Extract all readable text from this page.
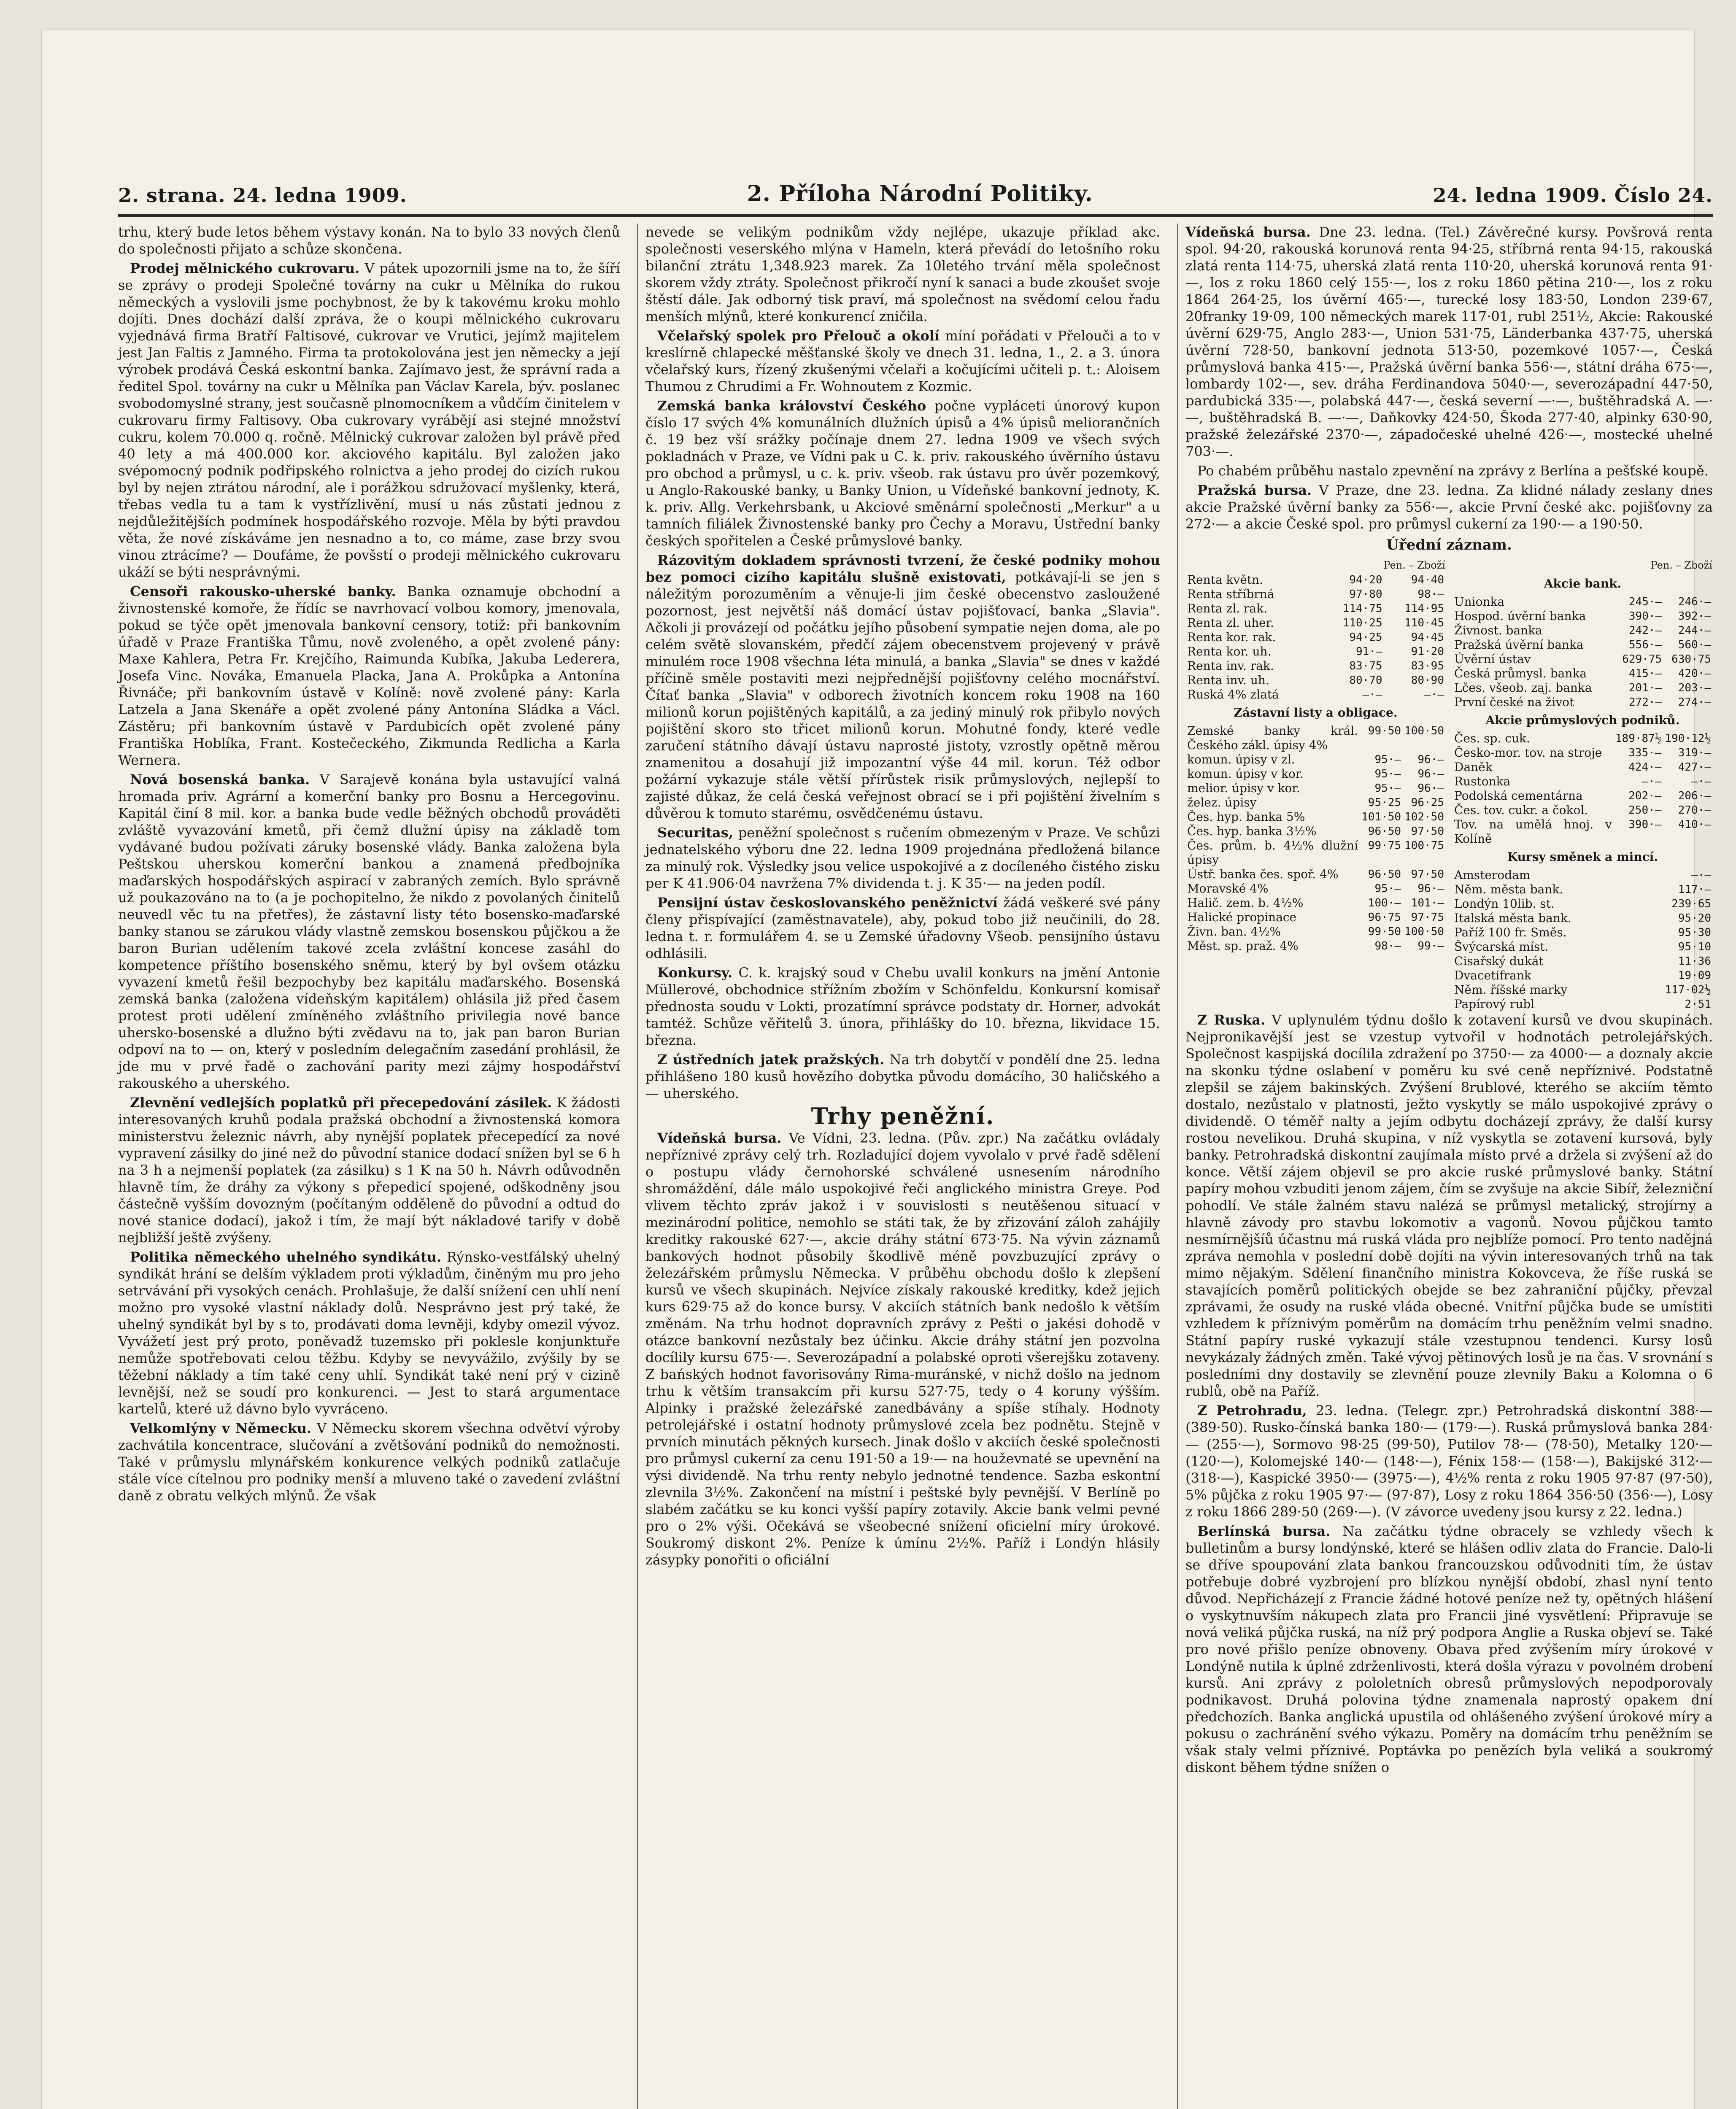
2. strana. 24. ledna 1909.	2. Příloha Národní Politiky.	24. ledna 1909. Číslo 24.

trhu, který bude letos během výstavy konán. Na to bylo 33 nových členů do společnosti přijato a schůze skončena.

Prodej mělnického cukrovaru. V pátek upozornili jsme na to, že šíří se zprávy o prodeji Společné továrny na cukr u Mělníka do rukou německých a vyslovili jsme pochybnost, že by k takovému kroku mohlo dojíti. Dnes dochází další zpráva, že o koupi mělnického cukrovaru vyjednává firma Bratří Faltisové, cukrovar ve Vrutici, jejímž majitelem jest Jan Faltis z Jamného. Firma ta protokolována jest jen německy a její výrobek prodává Česká eskontní banka. Zajímavo jest, že správní rada a ředitel Spol. továrny na cukr u Mělníka pan Václav Karela, býv. poslanec svobodomyslné strany, jest současně plnomocníkem a vůdčím činitelem v cukrovaru firmy Faltisovy. Oba cukrovary vyrábějí asi stejné množství cukru, kolem 70.000 q. ročně. Mělnický cukrovar založen byl právě před 40 lety a má 400.000 kor. akciového kapitálu. Byl založen jako svépomocný podnik podřipského rolnictva a jeho prodej do cizích rukou byl by nejen ztrátou národní, ale i porážkou sdružovací myšlenky, která, třebas vedla tu a tam k vystřízlivění, musí u nás zůstati jednou z nejdůležitějších podmínek hospodářského rozvoje. Měla by býti pravdou věta, že nové získáváme jen nesnadno a to, co máme, zase brzy svou vinou ztrácíme? — Doufáme, že povšstí o prodeji mělnického cukrovaru ukáží se býti nesprávnými.

Censoři rakousko-uherské banky. Banka oznamuje obchodní a živnostenské komoře, že řídíc se navrhovací volbou komory, jmenovala, pokud se týče opět jmenovala bankovní censory, totiž: při bankovním úřadě v Praze Františka Tůmu, nově zvoleného, a opět zvolené pány: Maxe Kahlera, Petra Fr. Krejčího, Raimunda Kubíka, Jakuba Lederera, Josefa Vinc. Nováka, Emanuela Placka, Jana A. Prokůpka a Antonína Řivnáče; při bankovním ústavě v Kolíně: nově zvolené pány: Karla Latzela a Jana Skenáře a opět zvolené pány Antonína Sládka a Václ. Zástěru; při bankovním ústavě v Pardubicích opět zvolené pány Františka Hoblíka, Frant. Kostečeckého, Zikmunda Redlicha a Karla Wernera.

Nová bosenská banka. V Sarajevě konána byla ustavující valná hromada priv. Agrární a komerční banky pro Bosnu a Hercegovinu. Kapitál činí 8 mil. kor. a banka bude vedle běžných obchodů prováděti zvláště vyvazování kmetů, při čemž dlužní úpisy na základě tom vydávané budou požívati záruky bosenské vlády. Banka založena byla Peštskou uherskou komerční bankou a znamená předbojníka maďarských hospodářských aspirací v zabraných zemích. Bylo správně už poukazováno na to (a je pochopitelno, že nikdo z povolaných činitelů neuvedl věc tu na přetřes), že zástavní listy této bosensko-maďarské banky stanou se zárukou vlády vlastně zemskou bosenskou půjčkou a že baron Burian udělením takové zcela zvláštní koncese zasáhl do kompetence příštího bosenského sněmu, který by byl ovšem otázku vyvazení kmetů řešil bezpochyby bez kapitálu maďarského. Bosenská zemská banka (založena vídeňským kapitálem) ohlásila již před časem protest proti udělení zmíněného zvláštního privilegia nové bance uhersko-bosenské a dlužno býti zvědavu na to, jak pan baron Burian odpoví na to — on, který v posledním delegačním zasedání prohlásil, že jde mu v prvé řadě o zachování parity mezi zájmy hospodářství rakouského a uherského.

Zlevnění vedlejších poplatků při přecepedování zásilek. K žádosti interesovaných kruhů podala pražská obchodní a živnostenská komora ministerstvu železnic návrh, aby nynější poplatek přecepedící za nové vypravení zásilky do jiné než do původní stanice dodací snížen byl se 6 h na 3 h a nejmenší poplatek (za zásilku) s 1 K na 50 h. Návrh odůvodněn hlavně tím, že dráhy za výkony s přepedicí spojené, odškodněny jsou částečně vyšším dovozným (počítaným odděleně do původní a odtud do nové stanice dodací), jakož i tím, že mají být nákladové tarify v době nejbližší ještě zvýšeny.

Politika německého uhelného syndikátu. Rýnsko-vestfálský uhelný syndikát hrání se delším výkladem proti výkladům, činěným mu pro jeho setrvávání při vysokých cenách. Prohlašuje, že další snížení cen uhlí není možno pro vysoké vlastní náklady dolů. Nesprávno jest prý také, že uhelný syndikát byl by s to, prodávati doma levněji, kdyby omezil vývoz. Vyvážetí jest prý proto, poněvadž tuzemsko při poklesle konjunktuře nemůže spotřebovati celou těžbu. Kdyby se nevyvážilo, zvýšily by se těžební náklady a tím také ceny uhlí. Syndikát také není prý v cizině levnější, než se soudí pro konkurenci. — Jest to stará argumentace kartelů, které už dávno bylo vyvráceno.

Velkomlýny v Německu. V Německu skorem všechna odvětví výroby zachvátila koncentrace, slučování a zvětšování podniků do nemožnosti. Také v průmyslu mlynářském konkurence velkých podniků zatlačuje stále více cítelnou pro podniky menší a mluveno také o zavedení zvláštní daně z obratu velkých mlýnů. Že však

nevede se velikým podnikům vždy nejlépe, ukazuje příklad akc. společnosti veserského mlýna v Hameln, která převádí do letošního roku bilanční ztrátu 1,348.923 marek. Za 10letého trvání měla společnost skorem vždy ztráty. Společnost přikročí nyní k sanaci a bude zkoušet svoje štěstí dále. Jak odborný tisk praví, má společnost na svědomí celou řadu menších mlýnů, které konkurencí zničila.

Včelařský spolek pro Přelouč a okolí míní pořádati v Přelouči a to v kreslírně chlapecké měšťanské školy ve dnech 31. ledna, 1., 2. a 3. února včelařský kurs, řízený zkušenými včelaři a kočujícími učiteli p. t.: Aloisem Thumou z Chrudimi a Fr. Wohnoutem z Kozmic.

Zemská banka království Českého počne vypláceti únorový kupon číslo 17 svých 4% komunálních dlužních úpisů a 4% úpisů meliorančních č. 19 bez vší srážky počínaje dnem 27. ledna 1909 ve všech svých pokladnách v Praze, ve Vídni pak u C. k. priv. rakouského úvěrního ústavu pro obchod a průmysl, u c. k. priv. všeob. rak ústavu pro úvěr pozemkový, u Anglo-Rakouské banky, u Banky Union, u Vídeňské bankovní jednoty, K. k. priv. Allg. Verkehrsbank, u Akciové směnární společnosti „Merkur" a u tamních filiálek Živnostenské banky pro Čechy a Moravu, Ústřední banky českých spořitelen a České průmyslové banky.

Rázovitým dokladem správnosti tvrzení, že české podniky mohou bez pomoci cizího kapitálu slušně existovati, potkávají-li se jen s náležitým porozuměním a věnuje-li jim české obecenstvo zasloužené pozornost, jest největší náš domácí ústav pojišťovací, banka „Slavia". Ačkoli ji provázejí od počátku jejího působení sympatie nejen doma, ale po celém světě slovanském, předčí zájem obecenstvem projevený v právě minulém roce 1908 všechna léta minulá, a banka „Slavia" se dnes v každé příčině směle postaviti mezi nejpřednější pojišťovny celého mocnářství. Čítať banka „Slavia" v odborech životních koncem roku 1908 na 160 milionů korun pojištěných kapitálů, a za jediný minulý rok přibylo nových pojištění skoro sto třicet milionů korun. Mohutné fondy, které vedle zaručení státního dávají ústavu naprosté jistoty, vzrostly opětně měrou znamenitou a dosahují již impozantní výše 44 mil. korun. Též odbor požární vykazuje stále větší přírůstek risik průmyslových, nejlepší to zajisté důkaz, že celá česká veřejnost obrací se i při pojištění živelním s důvěrou k tomuto starému, osvědčenému ústavu.

Securitas, peněžní společnost s ručením obmezeným v Praze. Ve schůzi jednatelského výboru dne 22. ledna 1909 projednána předložená bilance za minulý rok. Výsledky jsou velice uspokojivé a z docíleného čistého zisku per K 41.906·04 navržena 7% dividenda t. j. K 35·— na jeden podíl.

Pensijní ústav českoslovanského peněžnictví žádá veškeré své pány členy přispívající (zaměstnavatele), aby, pokud tobo již neučinili, do 28. ledna t. r. formulářem 4. se u Zemské úřadovny Všeob. pensijního ústavu odhlásili.

Konkursy. C. k. krajský soud v Chebu uvalil konkurs na jmění Antonie Müllerové, obchodnice střížním zbožím v Schönfeldu. Konkursní komisař přednosta soudu v Lokti, prozatímní správce podstaty dr. Horner, advokát tamtéž. Schůze věřitelů 3. února, přihlášky do 10. března, likvidace 15. března.

Z ústředních jatek pražských. Na trh dobytčí v pondělí dne 25. ledna přihlášeno 180 kusů hovězího dobytka původu domácího, 30 haličského a — uherského.

Trhy peněžní.

Vídeňská bursa. Ve Vídni, 23. ledna. (Pův. zpr.) Na začátku ovládaly nepříznivé zprávy celý trh. Rozladující dojem vyvolalo v prvé řadě sdělení o postupu vlády černohorské schválené usnesením národního shromáždění, dále málo uspokojivé řeči anglického ministra Greye. Pod vlivem těchto zpráv jakož i v souvislosti s neutěšenou situací v mezinárodní politice, nemohlo se státi tak, že by zřizování záloh zahájily kreditky rakouské 627·—, akcie dráhy státní 673·75. Na vývin záznamů bankových hodnot působily škodlivě méně povzbuzující zprávy o železářském průmyslu Německa. V průběhu obchodu došlo k zlepšení kursů ve všech skupinách. Nejvíce získaly rakouské kreditky, kdež jejich kurs 629·75 až do konce bursy. V akciích státních bank nedošlo k větším změnám. Na trhu hodnot dopravních zprávy z Pešti o jakési dohodě v otázce bankovní nezůstaly bez účinku. Akcie dráhy státní jen pozvolna docílily kursu 675·—. Severozápadní a polabské oproti všerejšku zotaveny. Z bańských hodnot favorisovány Rima-muránské, v nichž došlo na jednom trhu k větším transakcím při kursu 527·75, tedy o 4 koruny výšším. Alpinky i pražské železářské zanedbávány a spíše stíhaly. Hodnoty petrolejářské i ostatní hodnoty průmyslové zcela bez podnětu. Stejně v prvních minutách pěkných kursech. Jinak došlo v akciích české společnosti pro průmysl cukerní za cenu 191·50 a 19·— na houževnaté se upevnění na výsi dividendě. Na trhu renty nebylo jednotné tendence. Sazba eskontní zlevnila 3½%. Zakončení na místní i peštské byly pevnější. V Berlíně po slabém začátku se ku konci vyšší papíry zotavily. Akcie bank velmi pevné pro o 2% výši. Očekává se všeobecné snížení oficielní míry úrokové. Soukromý diskont 2%. Peníze k úmínu 2½%. Paříž i Londýn hlásily zásypky ponořiti o oficiální

Vídeňská bursa. Dne 23. ledna. (Tel.) Závěrečné kursy. Povšrová renta spol. 94·20, rakouská korunová renta 94·25, stříbrná renta 94·15, rakouská zlatá renta 114·75, uherská zlatá renta 110·20, uherská korunová renta 91·—, los z roku 1860 celý 155·—, los z roku 1860 pětina 210·—, los z roku 1864 264·25, los úvěrní 465·—, turecké losy 183·50, London 239·67, 20franky 19·09, 100 německých marek 117·01, rubl 251½, Akcie: Rakouské úvěrní 629·75, Anglo 283·—, Union 531·75, Länderbanka 437·75, uherská úvěrní 728·50, bankovní jednota 513·50, pozemkové 1057·—, Česká průmyslová banka 415·—, Pražská úvěrní banka 556·—, státní dráha 675·—, lombardy 102·—, sev. dráha Ferdinandova 5040·—, severozápadní 447·50, pardubická 335·—, polabská 447·—, česká severní —·—, buštěhradská A. —·—, buštěhradská B. —·—, Daňkovky 424·50, Škoda 277·40, alpinky 630·90, pražské železářské 2370·—, západočeské uhelné 426·—, mostecké uhelné 703·—.

Po chabém průběhu nastalo zpevnění na zprávy z Berlína a pešťské koupě.

Pražská bursa. V Praze, dne 23. ledna. Za klidné nálady zeslany dnes akcie Pražské úvěrní banky za 556·—, akcie První české akc. pojišťovny za 272·— a akcie České spol. pro průmysl cukerní za 190·— a 190·50.

Úřední záznam.
	Pen. – Zboží	
Renta květn.	94·20	94·40
Renta stříbrná	97·80	98·—
Renta zl. rak.	114·75	114·95
Renta zl. uher.	110·25	110·45
Renta kor. rak.	94·25	94·45
Renta kor. uh.	91·—	91·20
Renta inv. rak.	83·75	83·95
Renta inv. uh.	80·70	80·90
Ruská 4% zlatá	—·—	—·—
Zástavní listy a obligace.
Zemské banky král. Českého zákl. úpisy 4%	99·50	100·50
komun. úpisy v zl.	95·—	96·—
komun. úpisy v kor.	95·—	96·—
melior. úpisy v kor.	95·—	96·—
želez. úpisy	95·25	96·25
Čes. hyp. banka 5%	101·50	102·50
Čes. hyp. banka 3½%	96·50	97·50
Čes. prům. b. 4½% dlužní úpisy	99·75	100·75
Ústř. banka čes. spoř. 4%	96·50	97·50
Moravské 4%	95·—	96·—
Halič. zem. b. 4½%	100·—	101·—
Halické propinace	96·75	97·75
Živn. ban. 4½%	99·50	100·50
Měst. sp. praž. 4%	98·—	99·—
	Pen. – Zboží
Akcie bank.
Unionka	245·—	246·—
Hospod. úvěrní banka	390·—	392·—
Živnost. banka	242·—	244·—
Pražská úvěrní banka	556·—	560·—
Úvěrní ústav	629·75	630·75
Česká průmysl. banka	415·—	420·—
Lčes. všeob. zaj. banka	201·—	203·—
První české na život	272·—	274·—
Akcie průmyslových podniků.
Čes. sp. cuk.	189·87½	190·12½
Česko-mor. tov. na stroje	335·—	319·—
Daněk	424·—	427·—
Rustonka	—·—	—·—
Podolská cementárna	202·—	206·—
Čes. tov. cukr. a čokol.	250·—	270·—
Tov. na umělá hnoj. v Kolíně	390·—	410·—
Kursy směnek a mincí.
Amsterodam		—·—
Něm. města bank.		117·—
Londýn 10lib. st.		239·65
Italská města bank.		95·20
Paříž 100 fr. Směs.		95·30
Švýcarská míst.		95·10
Cisařský dukát		11·36
Dvacetifrank		19·09
Něm. říšské marky		117·02½
Papírový rubl		2·51

Z Ruska. V uplynulém týdnu došlo k zotavení kursů ve dvou skupinách. Nejpronikavější jest se vzestup vytvořil v hodnotách petrolejářských. Společnost kaspijská docílila zdražení po 3750·— za 4000·— a doznaly akcie na skonku týdne oslabení v poměru ku své ceně nepříznivé. Podstatně zlepšil se zájem bakinských. Zvýšení 8rublové, kterého se akciím těmto dostalo, nezůstalo v platnosti, ježto vyskytly se málo uspokojivé zprávy o dividendě. O téměř nalty a jejím odbytu docházejí zprávy, že další kursy rostou nevelikou. Druhá skupina, v níž vyskytla se zotavení kursová, byly banky. Petrohradská diskontní zaujímala místo prvé a držela si zvýšení až do konce. Větší zájem objevil se pro akcie ruské průmyslové banky. Státní papíry mohou vzbuditi jenom zájem, čím se zvyšuje na akcie Sibíř, železniční pohodlí. Ve stále žalném stavu nalézá se průmysl metalický, strojírny a hlavně závody pro stavbu lokomotiv a vagonů. Novou půjčkou tamto nesmírnějšíů účastnu má ruská vláda pro nejblíže pomocí. Pro tento nadějná zpráva nemohla v poslední době dojíti na vývin interesovaných trhů na tak mimo nějakým. Sdělení finančního ministra Kokovceva, že říše ruská se stavajících poměrů politických obejde se bez zahraniční půjčky, převzal zprávami, že osudy na ruské vláda obecné. Vnitřní půjčka bude se umístiti vzhledem k příznivým poměrům na domácím trhu peněžním velmi snadno. Státní papíry ruské vykazují stále vzestupnou tendenci. Kursy losů nevykázaly žádných změn. Také vývoj pětinových losů je na čas. V srovnání s posledními dny dostavily se zlevnění pouze zlevnily Baku a Kolomna o 6 rublů, obě na Paříž.

Z Petrohradu, 23. ledna. (Telegr. zpr.) Petrohradská diskontní 388·— (389·50). Rusko-čínská banka 180·— (179·—). Ruská průmyslová banka 284·— (255·—), Sormovo 98·25 (99·50), Putilov 78·— (78·50), Metalky 120·— (120·—), Kolomejské 140·— (148·—), Fénix 158·— (158·—), Bakijské 312·— (318·—), Kaspické 3950·— (3975·—), 4½% renta z roku 1905 97·87 (97·50), 5% půjčka z roku 1905 97·— (97·87), Losy z roku 1864 356·50 (356·—), Losy z roku 1866 289·50 (269·—). (V závorce uvedeny jsou kursy z 22. ledna.)

Berlínská bursa. Na začátku týdne obracely se vzhledy všech k bulletinům a bursy londýnské, které se hlášen odliv zlata do Francie. Dalo-li se dříve spoupování zlata bankou francouzskou odůvodniti tím, že ústav potřebuje dobré vyzbrojení pro blízkou nynější období, zhasl nyní tento důvod. Nepřicházejí z Francie žádné hotové peníze než ty, opětných hlášení o vyskytnuvším nákupech zlata pro Francii jiné vysvětlení: Připravuje se nová veliká půjčka ruská, na níž prý podpora Anglie a Ruska objeví se. Také pro nové přišlo peníze obnoveny. Obava před zvýšením míry úrokové v Londýně nutila k úplné zdrženlivosti, která došla výrazu v povolném drobení kursů. Ani zprávy z pololetních obresů průmyslových nepodporovaly podnikavost. Druhá polovina týdne znamenala naprostý opakem dní předchozích. Banka anglická upustila od ohlášeného zvýšení úrokové míry a pokusu o zachránění svého výkazu. Poměry na domácím trhu peněžním se však staly velmi příznivé. Poptávka po penězích byla veliká a soukromý diskont během týdne snížen o
